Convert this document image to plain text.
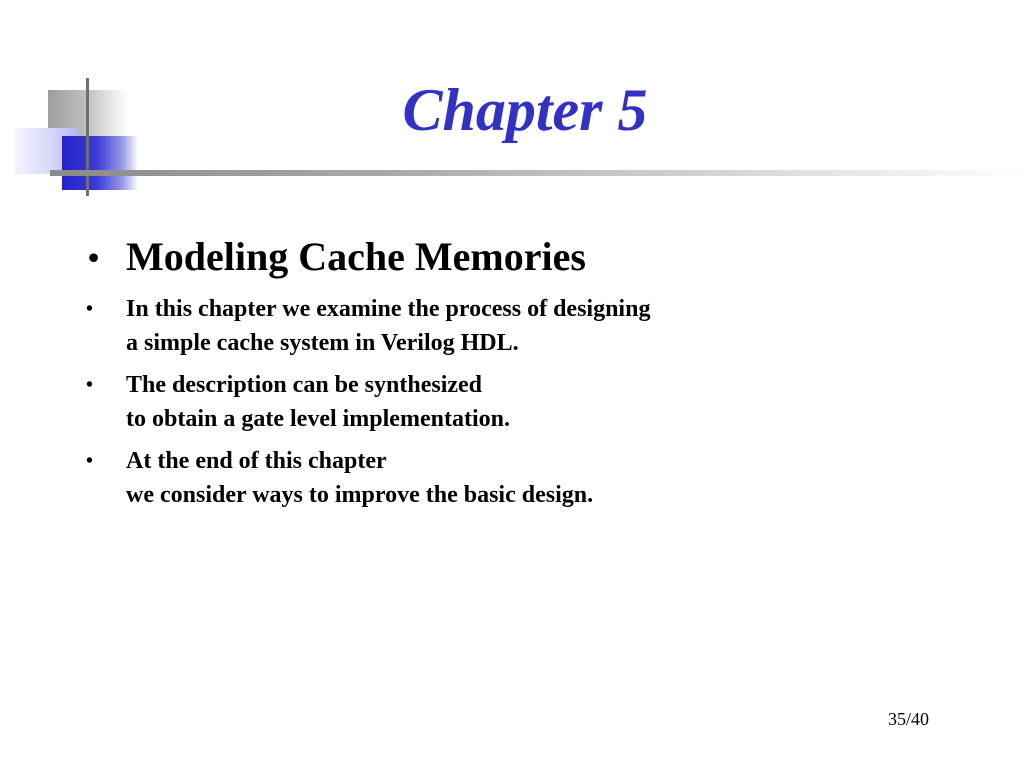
Chapter 5
• Modeling Cache Memories
• In this chapter we examine the process of designing
a simple cache system in Verilog HDL.
• The description can be synthesized
to obtain a gate level implementation.
• At the end of this chapter
we consider ways to improve the basic design.
35/40
